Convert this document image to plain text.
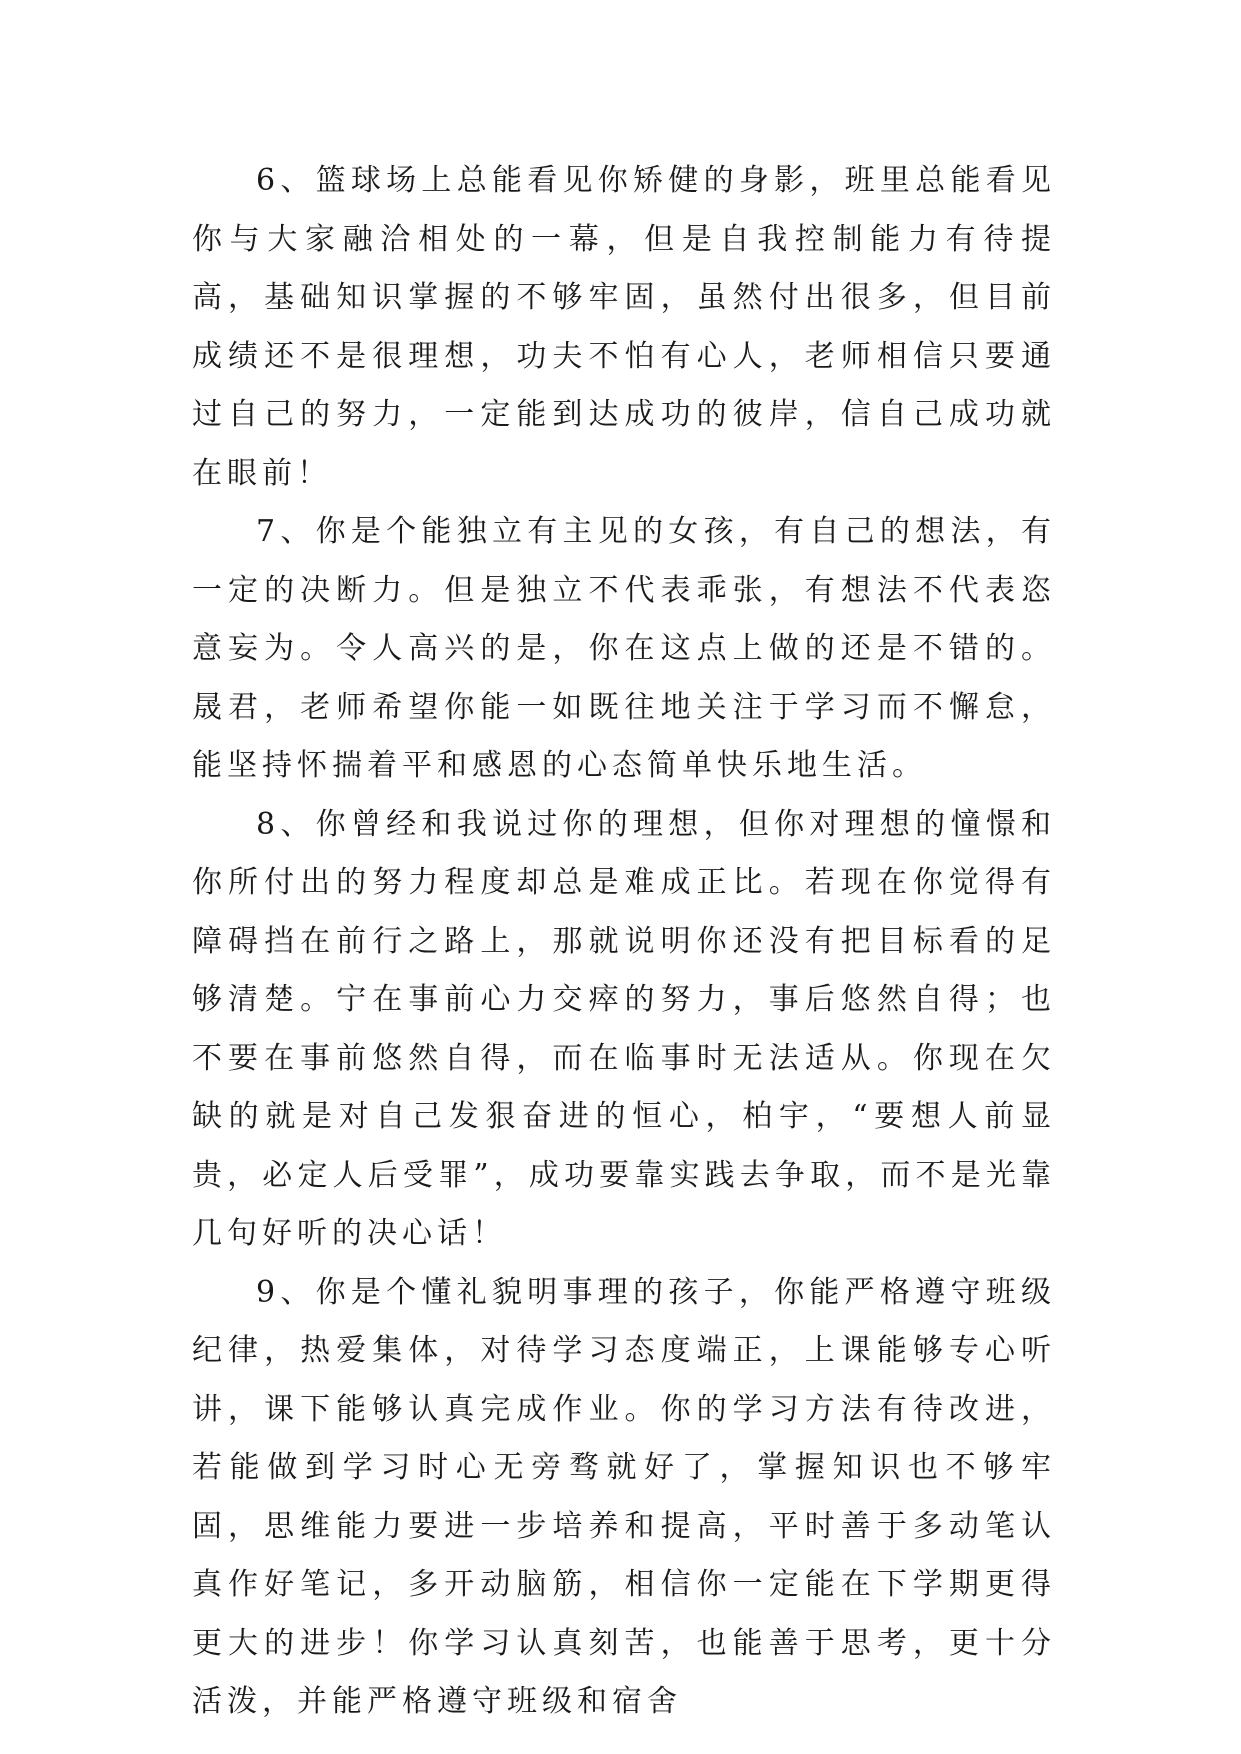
6、篮球场上总能看见你矫健的身影，班里总能看见你与大家融洽相处的一幕，但是自我控制能力有待提高，基础知识掌握的不够牢固，虽然付出很多，但目前成绩还不是很理想，功夫不怕有心人，老师相信只要通过自己的努力，一定能到达成功的彼岸，信自己成功就在眼前！

7、你是个能独立有主见的女孩，有自己的想法，有一定的决断力。但是独立不代表乖张，有想法不代表恣意妄为。令人高兴的是，你在这点上做的还是不错的。晟君，老师希望你能一如既往地关注于学习而不懈怠，能坚持怀揣着平和感恩的心态简单快乐地生活。

8、你曾经和我说过你的理想，但你对理想的憧憬和你所付出的努力程度却总是难成正比。若现在你觉得有障碍挡在前行之路上，那就说明你还没有把目标看的足够清楚。宁在事前心力交瘁的努力，事后悠然自得；也不要在事前悠然自得，而在临事时无法适从。你现在欠缺的就是对自己发狠奋进的恒心，柏宇，“要想人前显贵，必定人后受罪”，成功要靠实践去争取，而不是光靠几句好听的决心话！

9、你是个懂礼貌明事理的孩子，你能严格遵守班级纪律，热爱集体，对待学习态度端正，上课能够专心听讲，课下能够认真完成作业。你的学习方法有待改进，若能做到学习时心无旁骛就好了，掌握知识也不够牢固，思维能力要进一步培养和提高，平时善于多动笔认真作好笔记，多开动脑筋，相信你一定能在下学期更得更大的进步！你学习认真刻苦，也能善于思考，更十分活泼，并能严格遵守班级和宿舍
